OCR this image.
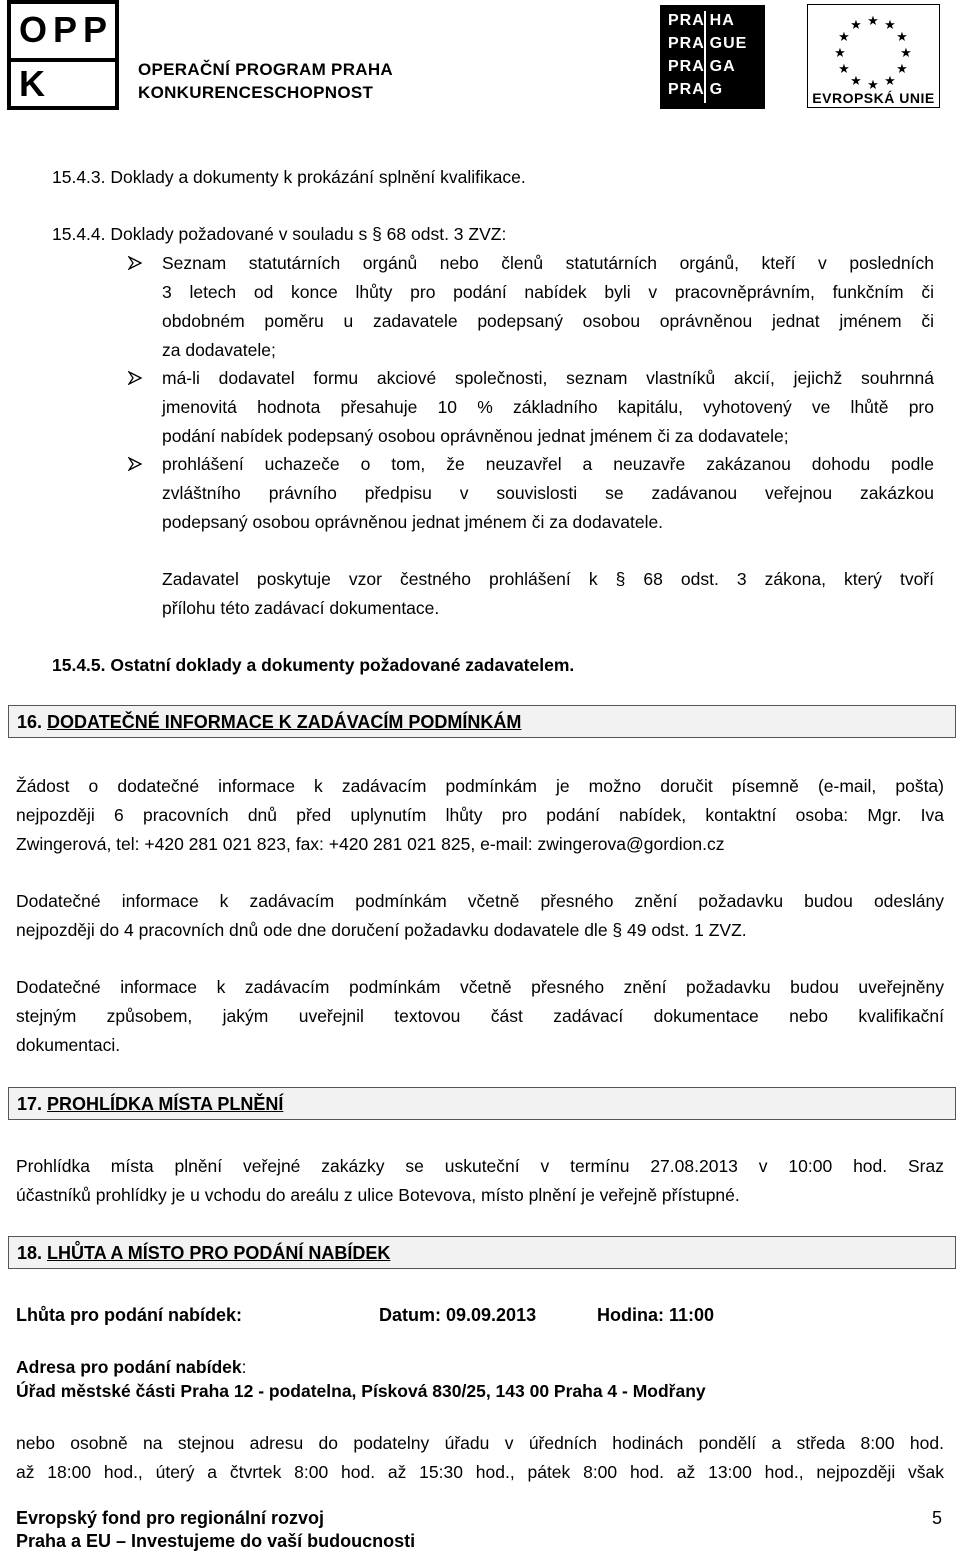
OPP
K	OPERAČNÍ PROGRAM PRAHA
KONKURENCESCHOPNOST
PRA HA
PRA GUE
PRA GA
PRA G
★ ★
★
★
★
★
★
★
★
★
★
★
EVROPSKÁ UNIE
15.4.3. Doklady a dokumenty k prokázání splnění kvalifikace.
15.4.4. Doklady požadované v souladu s § 68 odst. 3 ZVZ:
Seznam statutárních orgánů nebo členů statutárních orgánů, kteří v posledních
3 letech od konce lhůty pro podání nabídek byli v pracovněprávním, funkčním či
obdobném poměru u zadavatele podepsaný osobou oprávněnou jednat jménem či
za dodavatele;
má-li dodavatel formu akciové společnosti, seznam vlastníků akcií, jejichž souhrnná
jmenovitá hodnota přesahuje 10 % základního kapitálu, vyhotovený ve lhůtě pro
podání nabídek podepsaný osobou oprávněnou jednat jménem či za dodavatele;
prohlášení uchazeče o tom, že neuzavřel a neuzavře zakázanou dohodu podle
zvláštního právního předpisu v souvislosti se zadávanou veřejnou zakázkou
podepsaný osobou oprávněnou jednat jménem či za dodavatele.
Zadavatel poskytuje vzor čestného prohlášení k § 68 odst. 3 zákona, který tvoří
přílohu této zadávací dokumentace.
15.4.5. Ostatní doklady a dokumenty požadované zadavatelem.
16. DODATEČNÉ INFORMACE K ZADÁVACÍM PODMÍNKÁM
Žádost o dodatečné informace k zadávacím podmínkám je možno doručit písemně (e-mail, pošta)
nejpozději 6 pracovních dnů před uplynutím lhůty pro podání nabídek, kontaktní osoba: Mgr. Iva
Zwingerová, tel: +420 281 021 823, fax: +420 281 021 825, e-mail: zwingerova@gordion.cz
Dodatečné informace k zadávacím podmínkám včetně přesného znění požadavku budou odeslány
nejpozději do 4 pracovních dnů ode dne doručení požadavku dodavatele dle § 49 odst. 1 ZVZ.
Dodatečné informace k zadávacím podmínkám včetně přesného znění požadavku budou uveřejněny
stejným způsobem, jakým uveřejnil textovou část zadávací dokumentace nebo kvalifikační
dokumentaci.
17. PROHLÍDKA MÍSTA PLNĚNÍ
Prohlídka místa plnění veřejné zakázky se uskuteční v termínu 27.08.2013 v 10:00 hod. Sraz
účastníků prohlídky je u vchodu do areálu z ulice Botevova, místo plnění je veřejně přístupné.
18. LHŮTA A MÍSTO PRO PODÁNÍ NABÍDEK
Lhůta pro podání nabídek:	Datum: 09.09.2013	Hodina: 11:00
Adresa pro podání nabídek:
Úřad městské části Praha 12 - podatelna, Písková 830/25, 143 00 Praha 4 - Modřany
nebo osobně na stejnou adresu do podatelny úřadu v úředních hodinách pondělí a středa 8:00 hod.
až 18:00 hod., úterý a čtvrtek 8:00 hod. až 15:30 hod., pátek 8:00 hod. až 13:00 hod., nejpozději však
Evropský fond pro regionální rozvoj
Praha a EU – Investujeme do vaší budoucnosti
5
